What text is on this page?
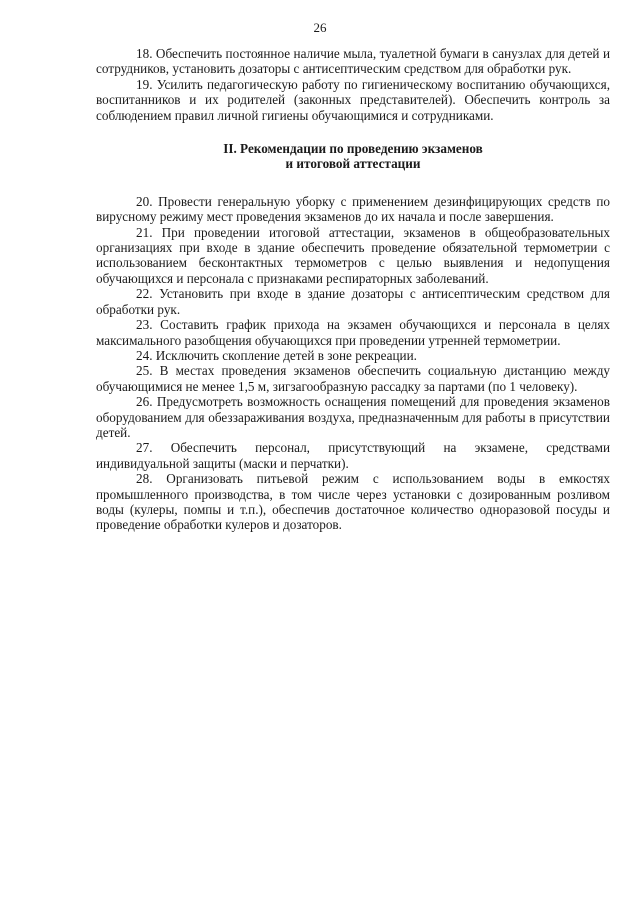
26

18. Обеспечить постоянное наличие мыла, туалетной бумаги в санузлах для детей и сотрудников, установить дозаторы с антисептическим средством для обработки рук.

19. Усилить педагогическую работу по гигиеническому воспитанию обучающихся, воспитанников и их родителей (законных представителей). Обеспечить контроль за соблюдением правил личной гигиены обучающимися и сотрудниками.

II. Рекомендации по проведению экзаменов
и итоговой аттестации

20. Провести генеральную уборку с применением дезинфицирующих средств по вирусному режиму мест проведения экзаменов до их начала и после завершения.

21. При проведении итоговой аттестации, экзаменов в общеобразовательных организациях при входе в здание обеспечить проведение обязательной термометрии с использованием бесконтактных термометров с целью выявления и недопущения обучающихся и персонала с признаками респираторных заболеваний.

22. Установить при входе в здание дозаторы с антисептическим средством для обработки рук.

23. Составить график прихода на экзамен обучающихся и персонала в целях максимального разобщения обучающихся при проведении утренней термометрии.

24. Исключить скопление детей в зоне рекреации.

25. В местах проведения экзаменов обеспечить социальную дистанцию между обучающимися не менее 1,5 м, зигзагообразную рассадку за партами (по 1 человеку).

26. Предусмотреть возможность оснащения помещений для проведения экзаменов оборудованием для обеззараживания воздуха, предназначенным для работы в присутствии детей.

27. Обеспечить персонал, присутствующий на экзамене, средствами индивидуальной защиты (маски и перчатки).

28. Организовать питьевой режим с использованием воды в емкостях промышленного производства, в том числе через установки с дозированным розливом воды (кулеры, помпы и т.п.), обеспечив достаточное количество одноразовой посуды и проведение обработки кулеров и дозаторов.
